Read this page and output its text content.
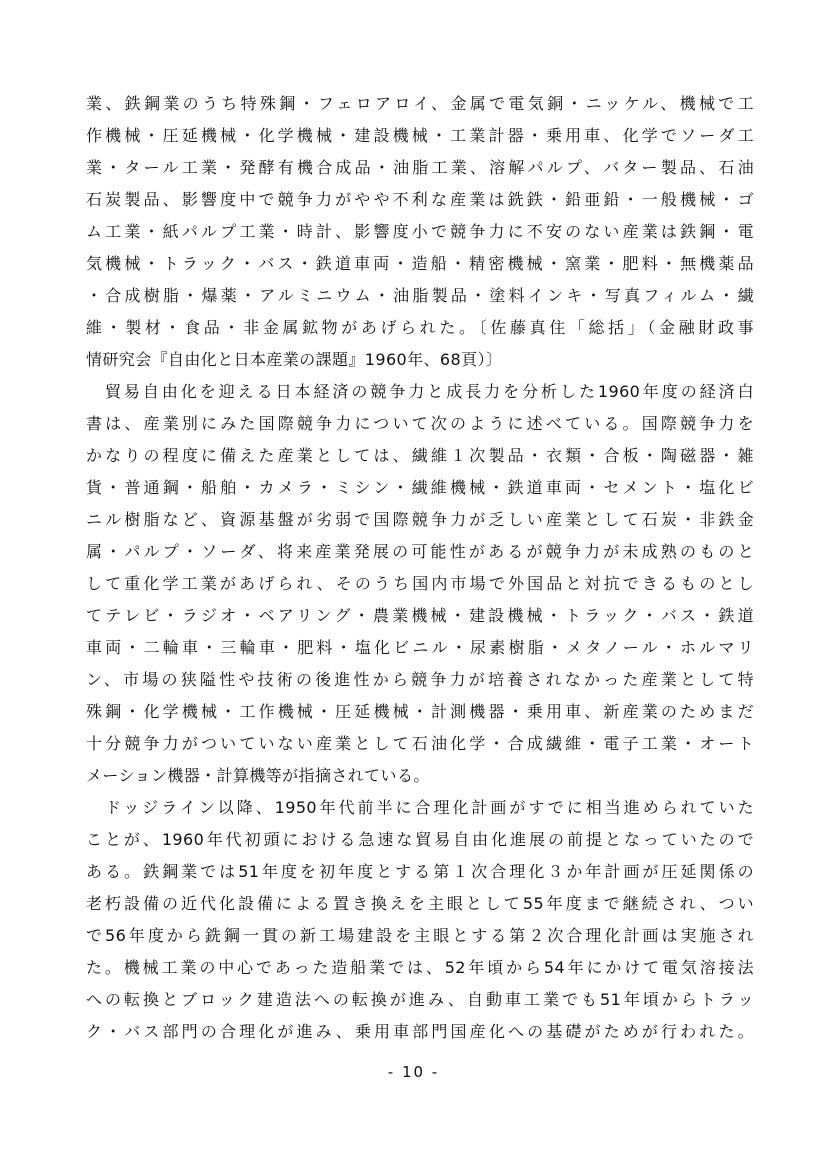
業、鉄鋼業のうち特殊鋼・フェロアロイ、金属で電気銅・ニッケル、機械で工
作機械・圧延機械・化学機械・建設機械・工業計器・乗用車、化学でソーダ工
業・タール工業・発酵有機合成品・油脂工業、溶解パルプ、バター製品、石油
石炭製品、影響度中で競争力がやや不利な産業は銑鉄・鉛亜鉛・一般機械・ゴ
ム工業・紙パルプ工業・時計、影響度小で競争力に不安のない産業は鉄鋼・電
気機械・トラック・バス・鉄道車両・造船・精密機械・窯業・肥料・無機薬品
・合成樹脂・爆薬・アルミニウム・油脂製品・塗料インキ・写真フィルム・繊
維・製材・食品・非金属鉱物があげられた。〔佐藤真住「総括」（金融財政事
情研究会『自由化と日本産業の課題』1960年、68頁）〕
　貿易自由化を迎える日本経済の競争力と成長力を分析した1960年度の経済白
書は、産業別にみた国際競争力について次のように述べている。国際競争力を
かなりの程度に備えた産業としては、繊維１次製品・衣類・合板・陶磁器・雑
貨・普通鋼・船舶・カメラ・ミシン・繊維機械・鉄道車両・セメント・塩化ビ
ニル樹脂など、資源基盤が劣弱で国際競争力が乏しい産業として石炭・非鉄金
属・パルプ・ソーダ、将来産業発展の可能性があるが競争力が未成熟のものと
して重化学工業があげられ、そのうち国内市場で外国品と対抗できるものとし
てテレビ・ラジオ・ベアリング・農業機械・建設機械・トラック・バス・鉄道
車両・二輪車・三輪車・肥料・塩化ビニル・尿素樹脂・メタノール・ホルマリ
ン、市場の狭隘性や技術の後進性から競争力が培養されなかった産業として特
殊鋼・化学機械・工作機械・圧延機械・計測機器・乗用車、新産業のためまだ
十分競争力がついていない産業として石油化学・合成繊維・電子工業・オート
メーション機器・計算機等が指摘されている。
　ドッジライン以降、1950年代前半に合理化計画がすでに相当進められていた
ことが、1960年代初頭における急速な貿易自由化進展の前提となっていたので
ある。鉄鋼業では51年度を初年度とする第１次合理化３か年計画が圧延関係の
老朽設備の近代化設備による置き換えを主眼として55年度まで継続され、つい
で56年度から銑鋼一貫の新工場建設を主眼とする第２次合理化計画は実施され
た。機械工業の中心であった造船業では、52年頃から54年にかけて電気溶接法
への転換とブロック建造法への転換が進み、自動車工業でも51年頃からトラッ
ク・バス部門の合理化が進み、乗用車部門国産化への基礎がためが行われた。
- 10 -
